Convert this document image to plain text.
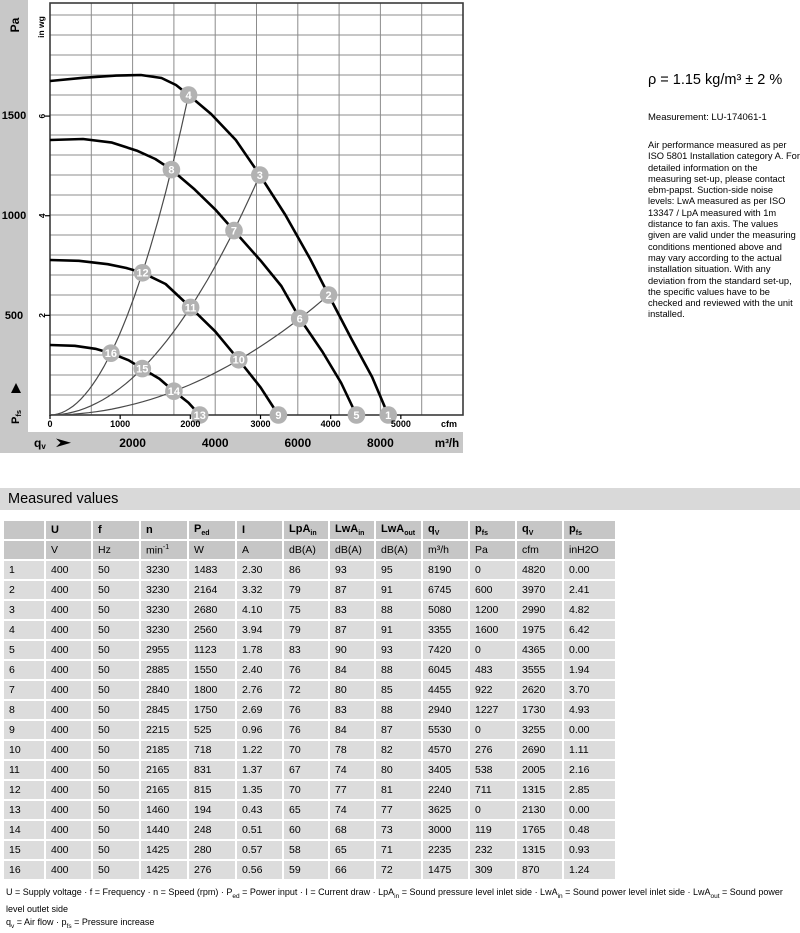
1
2
3
4
5
6
7
8
9
10
11
12
13
14
15
16
Pa in wg
500
1000
1500
2
4
6
Pfs
0	1000	2000	3000	4000	5000	cfm
2000	4000	6000	8000	m³/h
qv

ρ = 1.15 kg/m³ ± 2 %

Measurement: LU-174061-1

Air performance measured as per ISO 5801 Installation category A. For detailed information on the measuring set-up, please contact ebm-papst. Suction-side noise levels: LwA measured as per ISO 13347 / LpA measured with 1m distance to fan axis. The values given are valid under the measuring conditions mentioned above and may vary according to the actual installation situation. With any deviation from the standard set-up, the specific values have to be checked and reviewed with the unit installed.

Measured values
	U	f	n	$P_{ed}$	I	LpA$_{in}$	LwA$_{in}$	LwA$_{out}$	$q_V$	$p_{fs}$	$q_V$	$p_{fs}$
	V	Hz	$\min^{-1}$	W	A	dB(A)	dB(A)	dB(A)	m³/h	Pa	cfm	inH2O
1	400	50	3230	1483	2.30	86	93	95	8190	0	4820	0.00
2	400	50	3230	2164	3.32	79	87	91	6745	600	3970	2.41
3	400	50	3230	2680	4.10	75	83	88	5080	1200	2990	4.82
4	400	50	3230	2560	3.94	79	87	91	3355	1600	1975	6.42
5	400	50	2955	1123	1.78	83	90	93	7420	0	4365	0.00
6	400	50	2885	1550	2.40	76	84	88	6045	483	3555	1.94
7	400	50	2840	1800	2.76	72	80	85	4455	922	2620	3.70
8	400	50	2845	1750	2.69	76	83	88	2940	1227	1730	4.93
9	400	50	2215	525	0.96	76	84	87	5530	0	3255	0.00
10	400	50	2185	718	1.22	70	78	82	4570	276	2690	1.11
11	400	50	2165	831	1.37	67	74	80	3405	538	2005	2.16
12	400	50	2165	815	1.35	70	77	81	2240	711	1315	2.85
13	400	50	1460	194	0.43	65	74	77	3625	0	2130	0.00
14	400	50	1440	248	0.51	60	68	73	3000	119	1765	0.48
15	400	50	1425	280	0.57	58	65	71	2235	232	1315	0.93
16	400	50	1425	276	0.56	59	66	72	1475	309	870	1.24
U = Supply voltage · f = Frequency · n = Speed $(rpm) \cdot P_{ed}$ = Power input · I = Current draw · LpA$_{in}$ = Sound pressure level inlet side · LwA$_{in}$ = Sound power level inlet side · LwA$_{out}$ = Sound power level outlet side
$q_v$ = Air flow · $p_{fs}$ = Pressure increase
